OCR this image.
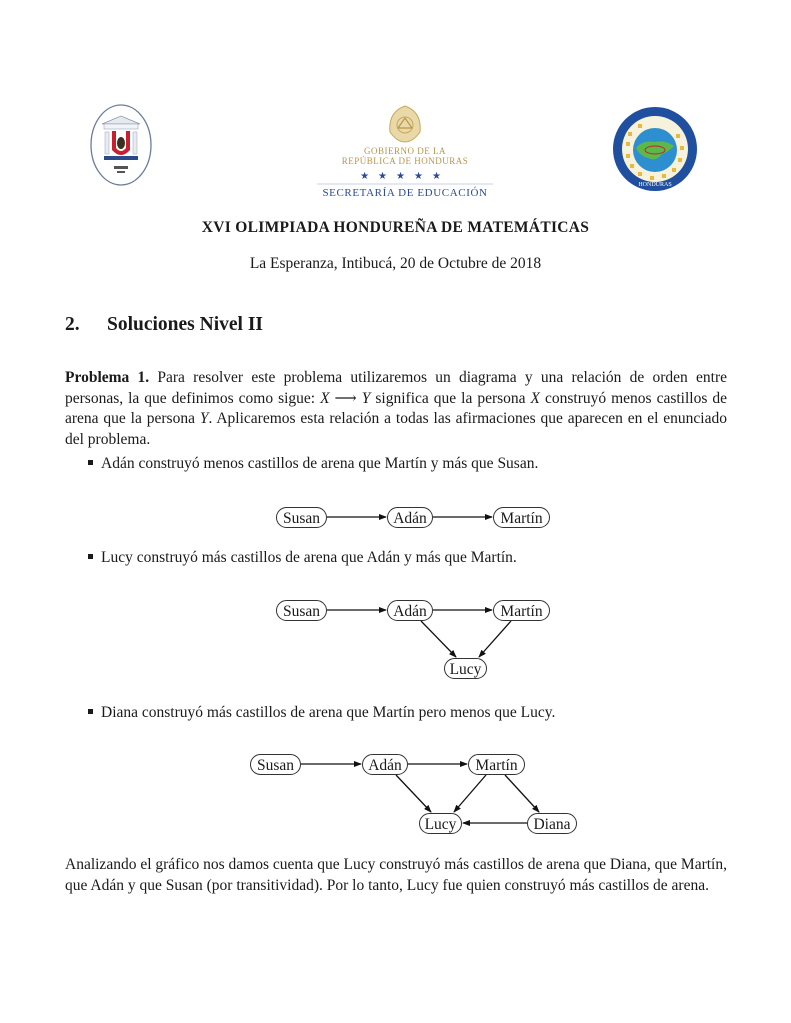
GOBIERNO DE LA
REPÚBLICA DE HONDURAS
★★★★★
SECRETARÍA DE EDUCACIÓN
HONDURAS
XVI OLIMPIADA HONDUREÑA DE MATEMÁTICAS
La Esperanza, Intibucá, 20 de Octubre de 2018
2. Soluciones Nivel II
Problema 1. Para resolver este problema utilizaremos un diagrama y una relación de orden entre personas, la que definimos como sigue: X ⟶ Y significa que la persona X construyó menos castillos de arena que la persona Y. Aplicaremos esta relación a todas las afirmaciones que aparecen en el enunciado del problema.
Adán construyó menos castillos de arena que Martín y más que Susan.
Susan	Adán	Martín
Lucy construyó más castillos de arena que Adán y más que Martín.
Susan	Adán	Martín
Lucy
Diana construyó más castillos de arena que Martín pero menos que Lucy.
Susan	Adán	Martín
Lucy	Diana
Analizando el gráfico nos damos cuenta que Lucy construyó más castillos de arena que Diana, que Martín, que Adán y que Susan (por transitividad). Por lo tanto, Lucy fue quien construyó más castillos de arena.
